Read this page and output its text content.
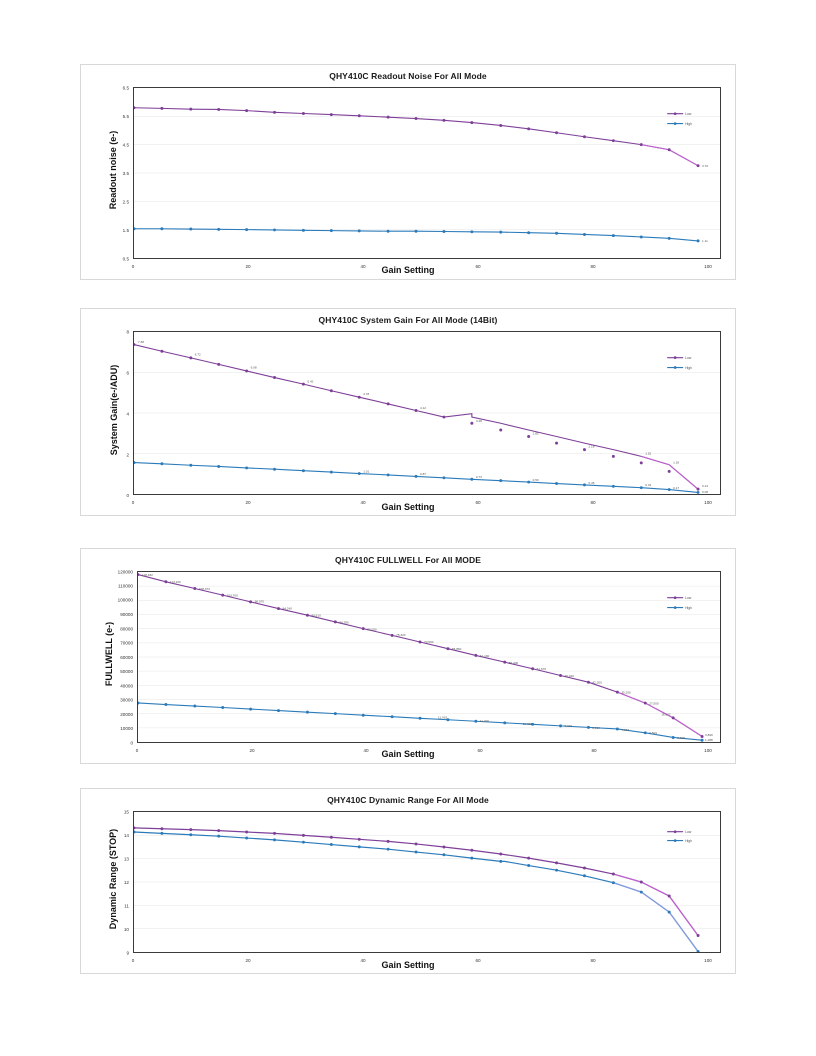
QHY410C Readout Noise For All Mode
3.76
1.11
Low
High
6.5
5.5
4.5
3.5
2.5
1.5
0.5
0	20	40	60	80	100
Readout noise (e-)
Gain Setting
QHY410C System Gain For All Mode (14Bit)
7.38
6.72
6.08
5.42
4.78
4.12
3.48
2.82
2.18
1.52
1.18
0.24
1.01
0.87
0.73
0.59
0.45	0.31
0.17
0.08
Low
High
8
6
4
2
0
0	20	40	60	80	100
System Gain(e-/ADU)
Gain Setting
QHY410C FULLWELL For All MODE
118,182
113,100
108,374
103,700
98,970
94,240
89,510
84,780
80,050
75,320
70,590
65,860
61,130
56,400
51,670
46,940
42,200
35,200
27,500
16,977
3,899
11,915
11,200
10,398	9,602	8,804	7,967
6,509
3,218	1,288
Low
High
120000
110000
100000
90000
80000
70000
60000
50000
40000
30000
20000
10000
0
0	20	40	60	80	100
FULLWELL (e-)
Gain Setting
QHY410C Dynamic Range For All Mode
Low
High
15
14
13
12
11
10
9
0	20	40	60	80	100
Dynamic Range (STOP)
Gain Setting
